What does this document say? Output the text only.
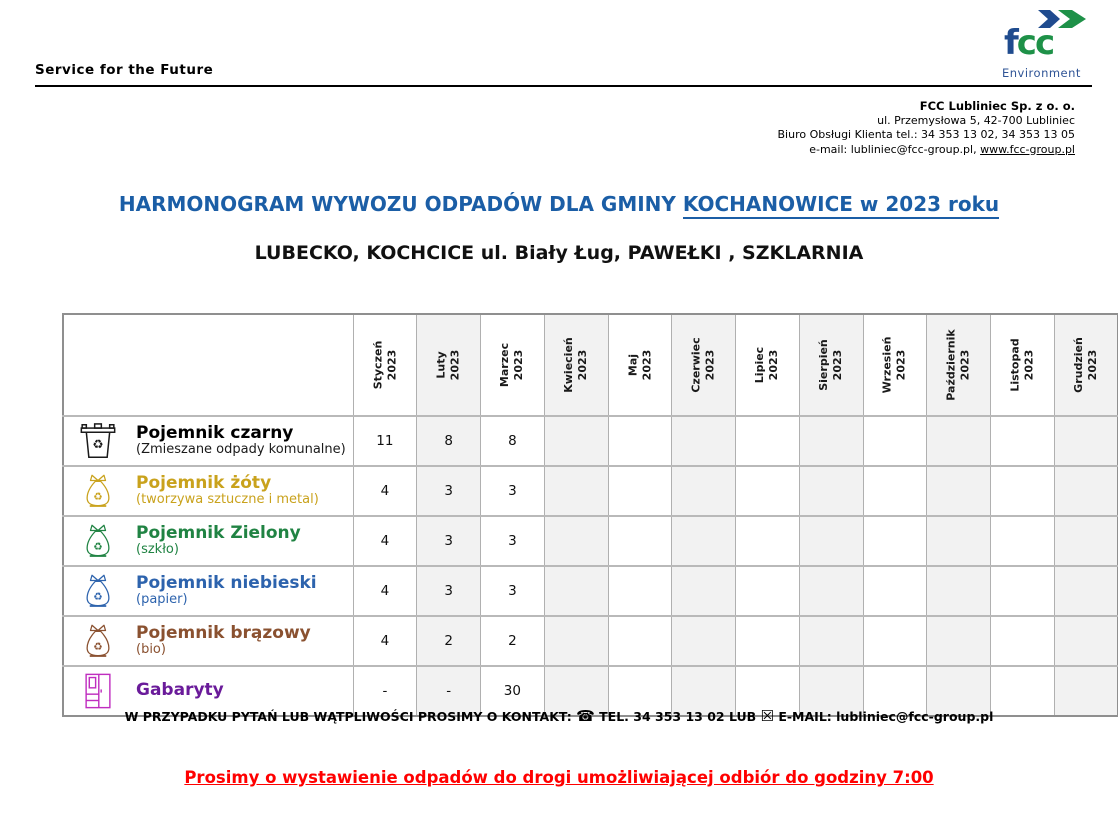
Service for the Future
fcc
Environment
FCC Lubliniec Sp. z o. o.
ul. Przemysłowa 5, 42-700 Lubliniec
Biuro Obsługi Klienta tel.: 34 353 13 02, 34 353 13 05
e-mail: lubliniec@fcc-group.pl, www.fcc-group.pl
HARMONOGRAM WYWOZU ODPADÓW DLA GMINY KOCHANOWICE w 2023 roku
LUBECKO, KOCHCICE ul. Biały Ług, PAWEŁKI , SZKLARNIA

	Styczeń 2023	Luty 2023	Marzec 2023	Kwiecień 2023	Maj 2023	Czerwiec 2023	Lipiec 2023	Sierpień 2023	Wrzesień 2023	Październik 2023	Listopad 2023	Grudzień 2023

♻
Pojemnik czarny
(Zmieszane odpady komunalne)	11	8	8									

♻
Pojemnik żóty
(tworzywa sztuczne i metal)	4	3	3									

♻
Pojemnik Zielony
(szkło)	4	3	3									

♻
Pojemnik niebieski
(papier)	4	3	3									

♻
Pojemnik brązowy
(bio)	4	2	2									

Gabaryty	-	-	30									
W PRZYPADKU PYTAŃ LUB WĄTPLIWOŚCI PROSIMY O KONTAKT: ☎ TEL. 34 353 13 02 LUB ☒ E-MAIL: lubliniec@fcc-group.pl
Prosimy o wystawienie odpadów do drogi umożliwiającej odbiór do godziny 7:00
